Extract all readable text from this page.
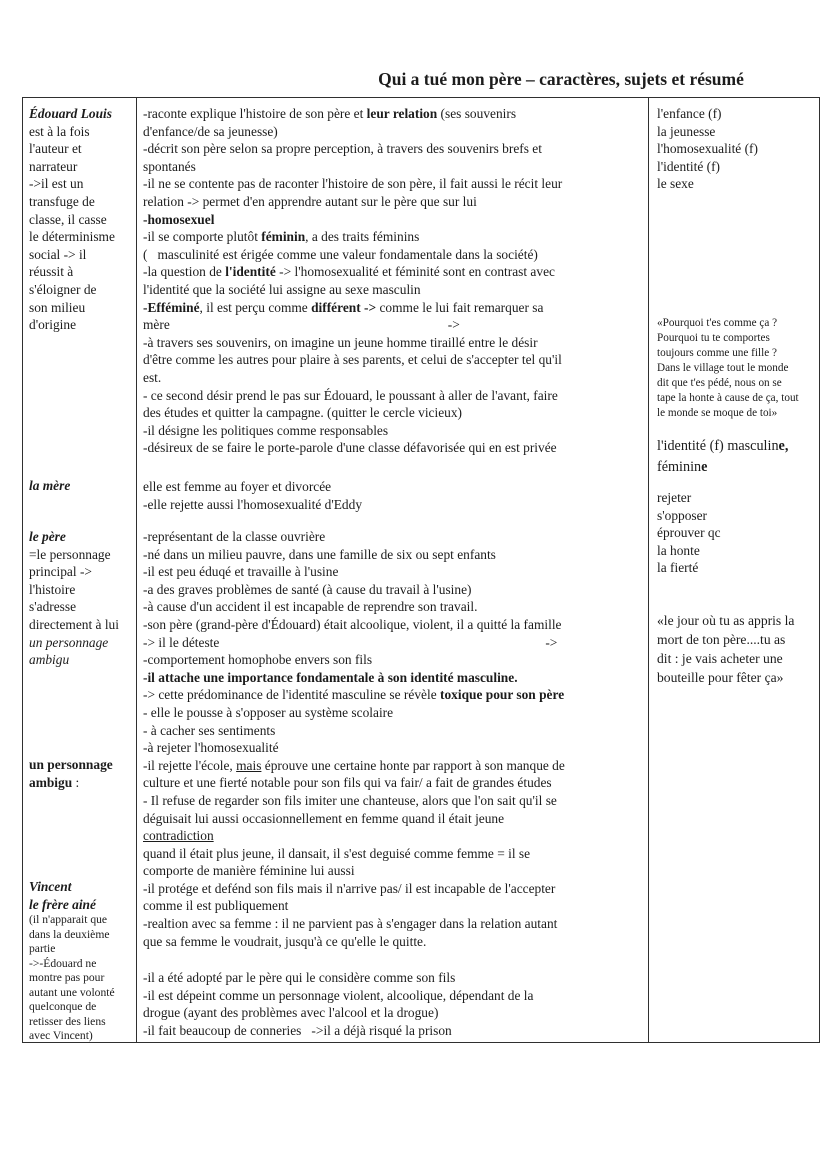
Qui a tué mon père – caractères, sujets et résumé
Édouard Louis
est à la fois
l'auteur et
narrateur
->il est un
transfuge de
classe, il casse
le déterminisme
social -> il
réussit à
s'éloigner de
son milieu
d'origine
la mère
le père
=le personnage
principal ->
l'histoire
s'adresse
directement à lui
un personnage
ambigu
un personnage
ambigu :
Vincent
le frère ainé
(il n'apparait que
dans la deuxième
partie
->-Édouard ne
montre pas pour
autant une volonté
quelconque de
retisser des liens
avec Vincent)
-raconte explique l'histoire de son père et leur relation (ses souvenirs
d'enfance/de sa jeunesse)
-décrit son père selon sa propre perception, à travers des souvenirs brefs et
spontanés
-il ne se contente pas de raconter l'histoire de son père, il fait aussi le récit leur
relation -> permet d'en apprendre autant sur le père que sur lui
-homosexuel
-il se comporte plutôt féminin, a des traits féminins
(   masculinité est érigée comme une valeur fondamentale dans la société)
-la question de l'identité -> l'homosexualité et féminité sont en contrast avec
l'identité que la société lui assigne au sexe masculin
-Efféminé, il est perçu comme différent -> comme le lui fait remarquer sa
mère	->
-à travers ses souvenirs, on imagine un jeune homme tiraillé entre le désir
d'être comme les autres pour plaire à ses parents, et celui de s'accepter tel qu'il
est.
- ce second désir prend le pas sur Édouard, le poussant à aller de l'avant, faire
des études et quitter la campagne. (quitter le cercle vicieux)
-il désigne les politiques comme responsables
-désireux de se faire le porte-parole d'une classe défavorisée qui en est privée
elle est femme au foyer et divorcée
-elle rejette aussi l'homosexualité d'Eddy
-représentant de la classe ouvrière
-né dans un milieu pauvre, dans une famille de six ou sept enfants
-il est peu éduqé et travaille à l'usine
-a des graves problèmes de santé (à cause du travail à l'usine)
-à cause d'un accident il est incapable de reprendre son travail.
-son père (grand-père d'Édouard) était alcoolique, violent, il a quitté la famille
-> il le déteste	->
-comportement homophobe envers son fils
-il attache une importance fondamentale à son identité masculine.
-> cette prédominance de l'identité masculine se révèle toxique pour son père
- elle le pousse à s'opposer au système scolaire
- à cacher ses sentiments
-à rejeter l'homosexualité
-il rejette l'école, mais éprouve une certaine honte par rapport à son manque de
culture et une fierté notable pour son fils qui va fair/ a fait de grandes études
- Il refuse de regarder son fils imiter une chanteuse, alors que l'on sait qu'il se
déguisait lui aussi occasionnellement en femme quand il était jeune
contradiction
quand il était plus jeune, il dansait, il s'est deguisé comme femme = il se
comporte de manière féminine lui aussi
-il protége et defénd son fils mais il n'arrive pas/ il est incapable de l'accepter
comme il est publiquement
-realtion avec sa femme : il ne parvient pas à s'engager dans la relation autant
que sa femme le voudrait, jusqu'à ce qu'elle le quitte.
-il a été adopté par le père qui le considère comme son fils
-il est dépeint comme un personnage violent, alcoolique, dépendant de la
drogue (ayant des problèmes avec l'alcool et la drogue)
-il fait beaucoup de conneries   ->il a déjà risqué la prison
l'enfance (f)
la jeunesse
l'homosexualité (f)
l'identité (f)
le sexe
«Pourquoi t'es comme ça ?
Pourquoi tu te comportes
toujours comme une fille ?
Dans le village tout le monde
dit que t'es pédé, nous on se
tape la honte à cause de ça, tout
le monde se moque de toi»
l'identité (f) masculine,
féminine
rejeter
s'opposer
éprouver qc
la honte
la fierté
«le jour où tu as appris la
mort de ton père....tu as
dit : je vais acheter une
bouteille pour fêter ça»
